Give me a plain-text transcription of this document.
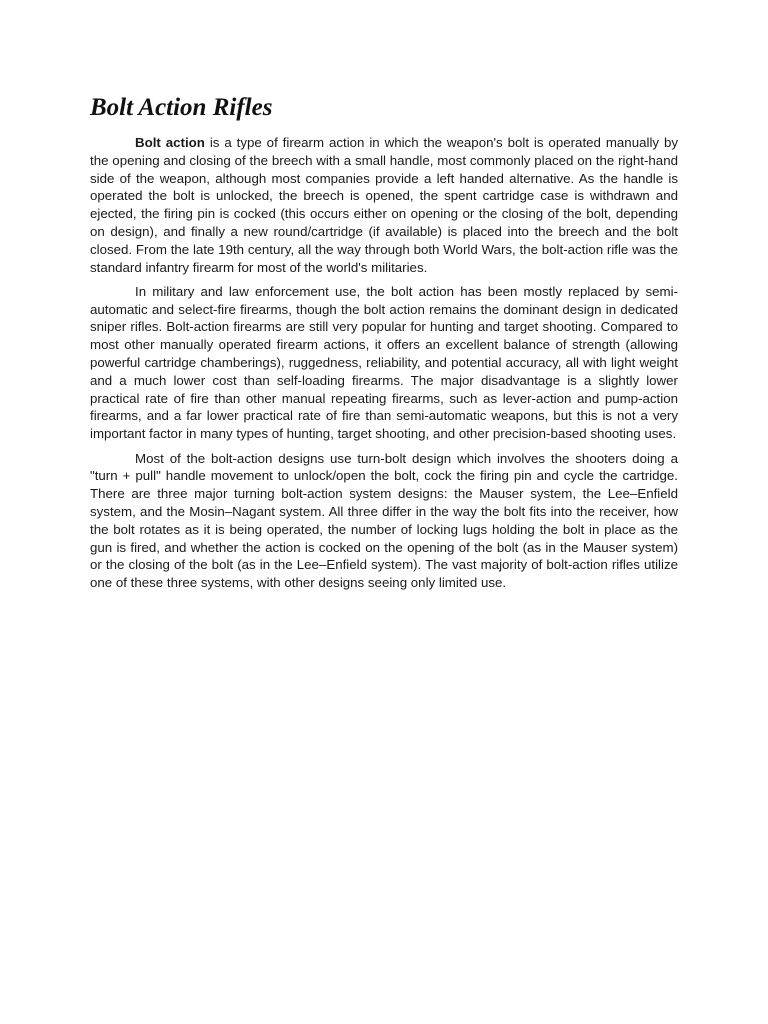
Bolt Action Rifles

Bolt action is a type of firearm action in which the weapon's bolt is operated manually by the opening and closing of the breech with a small handle, most commonly placed on the right-hand side of the weapon, although most companies provide a left handed alternative. As the handle is operated the bolt is unlocked, the breech is opened, the spent cartridge case is withdrawn and ejected, the firing pin is cocked (this occurs either on opening or the closing of the bolt, depending on design), and finally a new round/cartridge (if available) is placed into the breech and the bolt closed. From the late 19th century, all the way through both World Wars, the bolt-action rifle was the standard infantry firearm for most of the world's militaries.

In military and law enforcement use, the bolt action has been mostly replaced by semi-automatic and select-fire firearms, though the bolt action remains the dominant design in dedicated sniper rifles. Bolt-action firearms are still very popular for hunting and target shooting. Compared to most other manually operated firearm actions, it offers an excellent balance of strength (allowing powerful cartridge chamberings), ruggedness, reliability, and potential accuracy, all with light weight and a much lower cost than self-loading firearms. The major disadvantage is a slightly lower practical rate of fire than other manual repeating firearms, such as lever-action and pump-action firearms, and a far lower practical rate of fire than semi-automatic weapons, but this is not a very important factor in many types of hunting, target shooting, and other precision-based shooting uses.

Most of the bolt-action designs use turn-bolt design which involves the shooters doing a "turn + pull" handle movement to unlock/open the bolt, cock the firing pin and cycle the cartridge. There are three major turning bolt-action system designs: the Mauser system, the Lee–Enfield system, and the Mosin–Nagant system. All three differ in the way the bolt fits into the receiver, how the bolt rotates as it is being operated, the number of locking lugs holding the bolt in place as the gun is fired, and whether the action is cocked on the opening of the bolt (as in the Mauser system) or the closing of the bolt (as in the Lee–Enfield system). The vast majority of bolt-action rifles utilize one of these three systems, with other designs seeing only limited use.
